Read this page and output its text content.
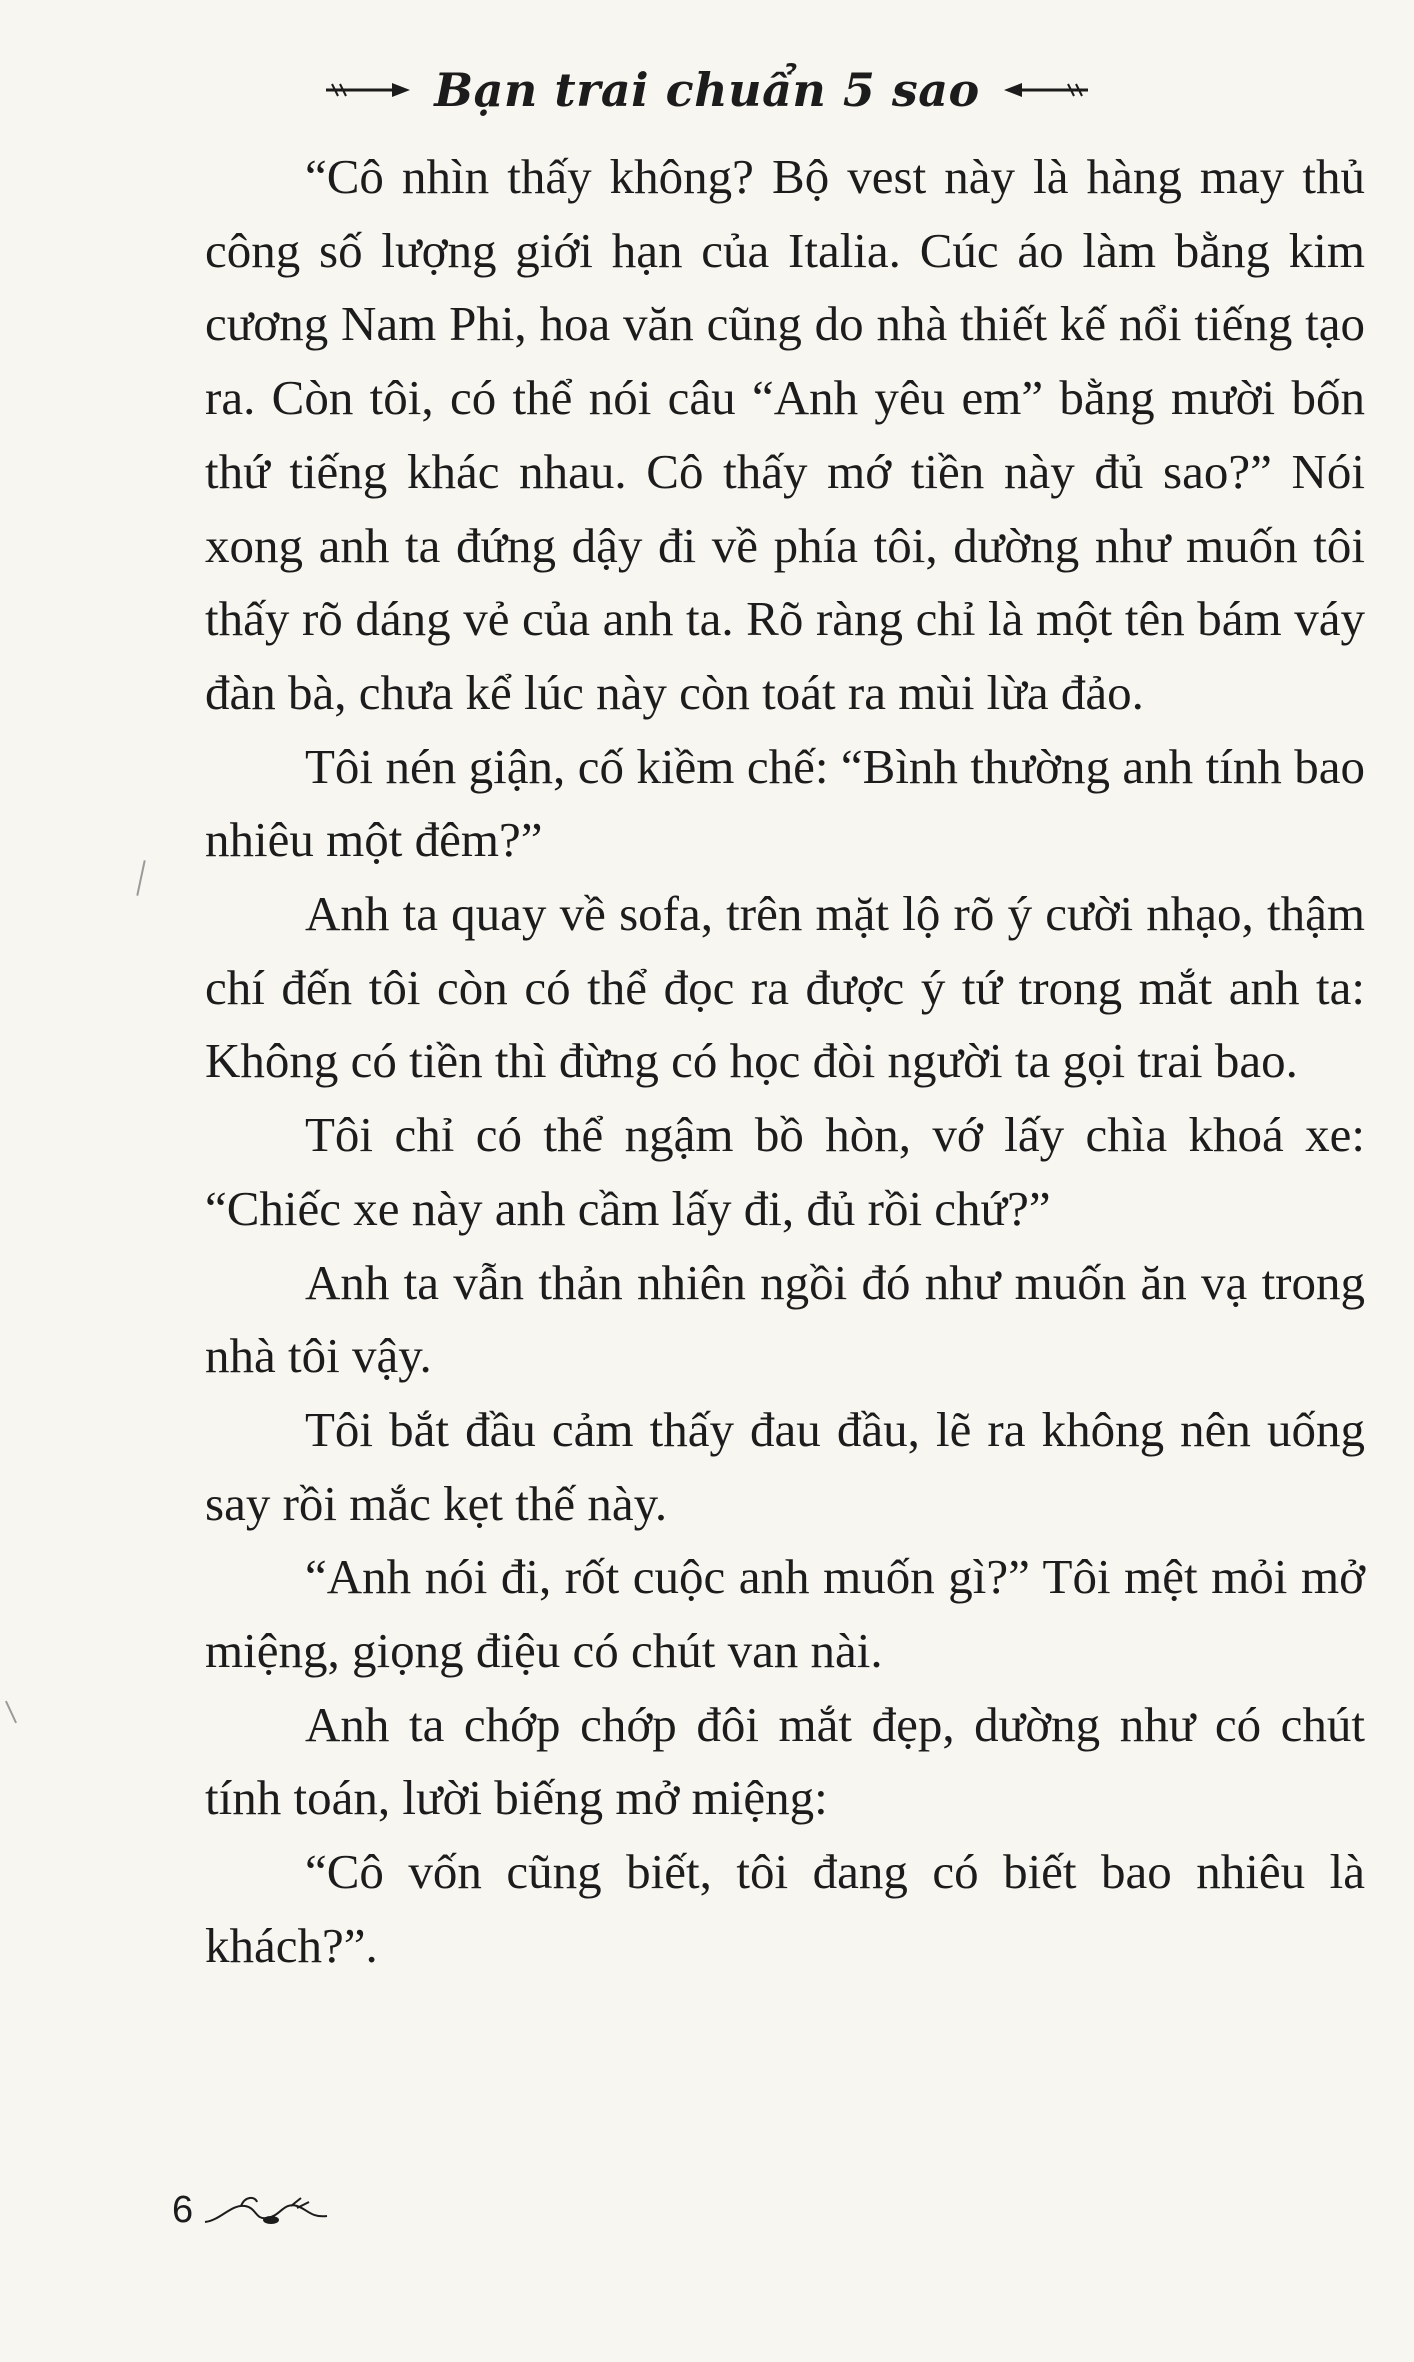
Bạn trai chuẩn 5 sao

“Cô nhìn thấy không? Bộ vest này là hàng may thủ công số lượng giới hạn của Italia. Cúc áo làm bằng kim cương Nam Phi, hoa văn cũng do nhà thiết kế nổi tiếng tạo ra. Còn tôi, có thể nói câu “Anh yêu em” bằng mười bốn thứ tiếng khác nhau. Cô thấy mớ tiền này đủ sao?” Nói xong anh ta đứng dậy đi về phía tôi, dường như muốn tôi thấy rõ dáng vẻ của anh ta. Rõ ràng chỉ là một tên bám váy đàn bà, chưa kể lúc này còn toát ra mùi lừa đảo.

Tôi nén giận, cố kiềm chế: “Bình thường anh tính bao nhiêu một đêm?”

Anh ta quay về sofa, trên mặt lộ rõ ý cười nhạo, thậm chí đến tôi còn có thể đọc ra được ý tứ trong mắt anh ta: Không có tiền thì đừng có học đòi người ta gọi trai bao.

Tôi chỉ có thể ngậm bồ hòn, vớ lấy chìa khoá xe: “Chiếc xe này anh cầm lấy đi, đủ rồi chứ?”

Anh ta vẫn thản nhiên ngồi đó như muốn ăn vạ trong nhà tôi vậy.

Tôi bắt đầu cảm thấy đau đầu, lẽ ra không nên uống say rồi mắc kẹt thế này.

“Anh nói đi, rốt cuộc anh muốn gì?” Tôi mệt mỏi mở miệng, giọng điệu có chút van nài.

Anh ta chớp chớp đôi mắt đẹp, dường như có chút tính toán, lười biếng mở miệng:

“Cô vốn cũng biết, tôi đang có biết bao nhiêu là khách?”.

6
